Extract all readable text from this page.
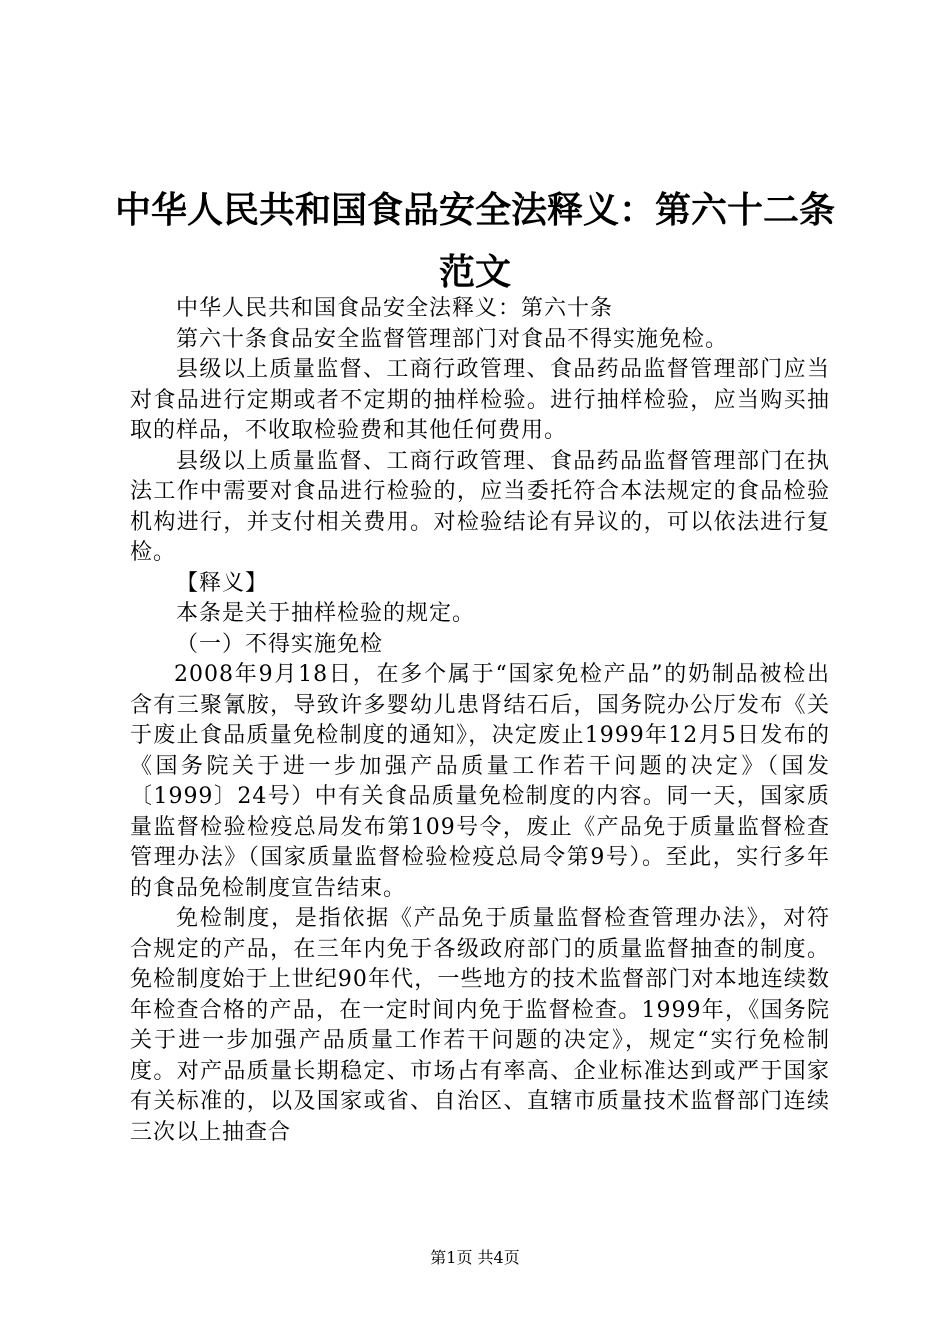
中华人民共和国食品安全法释义：第六十二条
范文

中华人民共和国食品安全法释义：第六十条

第六十条食品安全监督管理部门对食品不得实施免检。

县级以上质量监督、工商行政管理、食品药品监督管理部门应当对食品进行定期或者不定期的抽样检验。进行抽样检验，应当购买抽取的样品，不收取检验费和其他任何费用。

县级以上质量监督、工商行政管理、食品药品监督管理部门在执法工作中需要对食品进行检验的，应当委托符合本法规定的食品检验机构进行，并支付相关费用。对检验结论有异议的，可以依法进行复检。

【释义】

本条是关于抽样检验的规定。

（一）不得实施免检

2008年9月18日，在多个属于“国家免检产品”的奶制品被检出含有三聚氰胺，导致许多婴幼儿患肾结石后，国务院办公厅发布《关于废止食品质量免检制度的通知》，决定废止1999年12月5日发布的《国务院关于进一步加强产品质量工作若干问题的决定》（国发〔1999〕24号）中有关食品质量免检制度的内容。同一天，国家质量监督检验检疫总局发布第109号令，废止《产品免于质量监督检查管理办法》（国家质量监督检验检疫总局令第9号）。至此，实行多年的食品免检制度宣告结束。

免检制度，是指依据《产品免于质量监督检查管理办法》，对符合规定的产品，在三年内免于各级政府部门的质量监督抽查的制度。免检制度始于上世纪90年代，一些地方的技术监督部门对本地连续数年检查合格的产品，在一定时间内免于监督检查。1999年，《国务院关于进一步加强产品质量工作若干问题的决定》，规定“实行免检制度。对产品质量长期稳定、市场占有率高、企业标准达到或严于国家有关标准的，以及国家或省、自治区、直辖市质量技术监督部门连续三次以上抽查合

第1页 共4页
